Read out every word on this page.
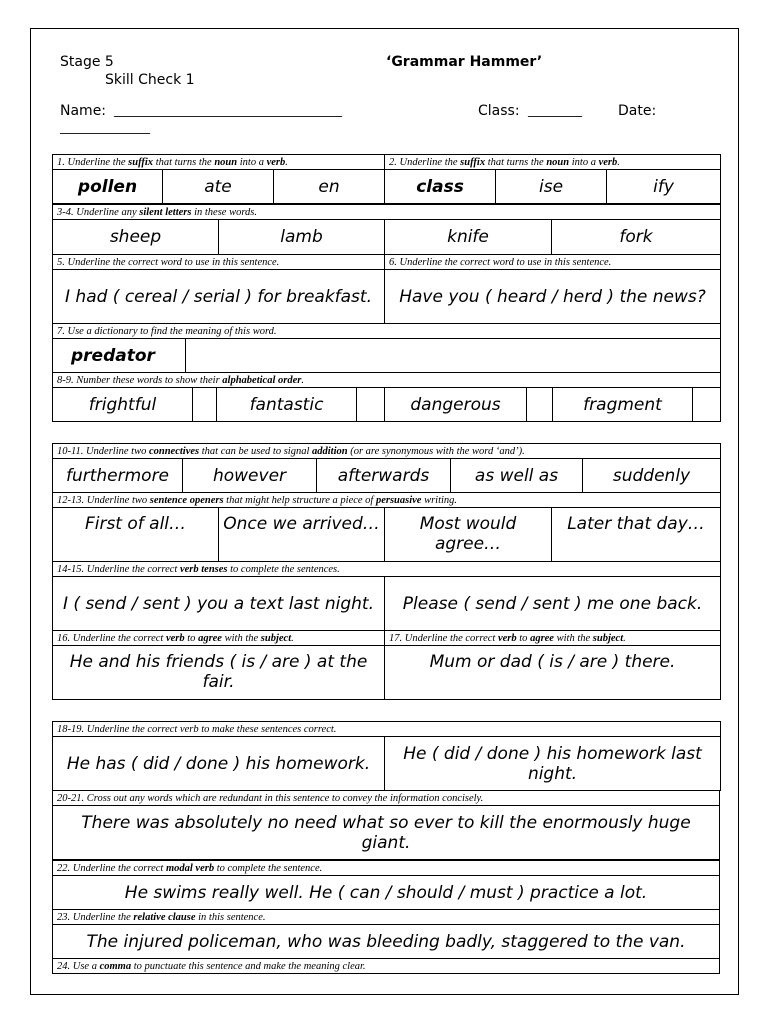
Stage 5
Skill Check 1
‘Grammar Hammer’
Name: ______________________________________
_______________
Class: _________	Date:
1. Underline the suffix that turns the noun into a verb.			2. Underline the suffix that turns the noun into a verb.		
pollen	ate	en	class	ise	ify
3-4. Underline any silent letters in these words.
sheep	lamb	knife	fork
5. Underline the correct word to use in this sentence.	6. Underline the correct word to use in this sentence.
I had ( cereal / serial ) for breakfast.	Have you ( heard / herd ) the news?
7. Use a dictionary to find the meaning of this word.
predator	
8-9. Number these words to show their alphabetical order.
frightful		fantastic		dangerous		fragment	
10-11. Underline two connectives that can be used to signal addition (or are synonymous with the word ‘and’).
furthermore	however	afterwards	as well as	suddenly
12-13. Underline two sentence openers that might help structure a piece of persuasive writing.
First of all…	Once we arrived…	Most would agree…	Later that day…
14-15. Underline the correct verb tenses to complete the sentences.
I ( send / sent ) you a text last night.	Please ( send / sent ) me one back.
16. Underline the correct verb to agree with the subject.	17. Underline the correct verb to agree with the subject.
He and his friends ( is / are ) at the fair.	Mum or dad ( is / are ) there.
18-19. Underline the correct verb to make these sentences correct.
He has ( did / done ) his homework.	He ( did / done ) his homework last night.
20-21. Cross out any words which are redundant in this sentence to convey the information concisely.
There was absolutely no need what so ever to kill the enormously huge giant.
22. Underline the correct modal verb to complete the sentence.
He swims really well. He ( can / should / must ) practice a lot.
23. Underline the relative clause in this sentence.
The injured policeman, who was bleeding badly, staggered to the van.
24. Use a comma to punctuate this sentence and make the meaning clear.
